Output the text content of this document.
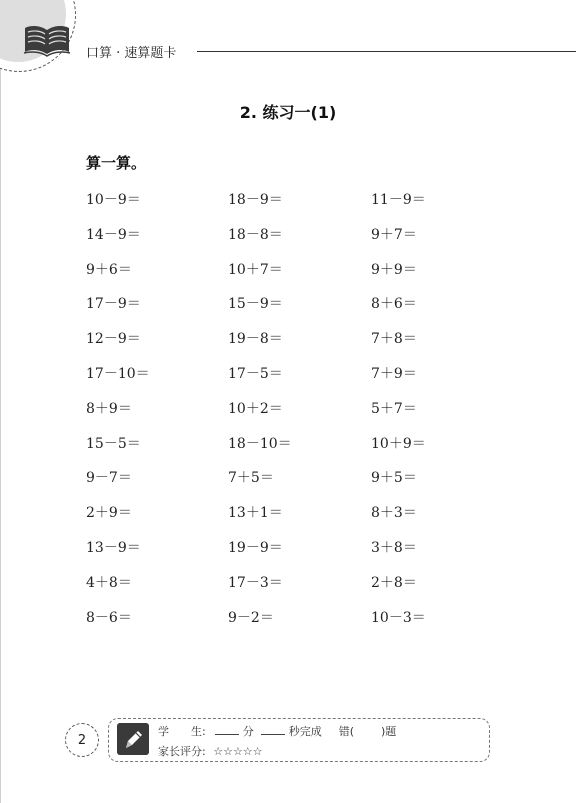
口算 · 速算题卡
2. 练习一(1)
算一算。
10－9＝	18－9＝	11－9＝
14－9＝	18－8＝	9＋7＝
9＋6＝	10＋7＝	9＋9＝
17－9＝	15－9＝	8＋6＝
12－9＝	19－8＝	7＋8＝
17－10＝	17－5＝	7＋9＝
8＋9＝	10＋2＝	5＋7＝
15－5＝	18－10＝	10＋9＝
9－7＝	7＋5＝	9＋5＝
2＋9＝	13＋1＝	8＋3＝
13－9＝	19－9＝	3＋8＝
4＋8＝	17－3＝	2＋8＝
8－6＝	9－2＝	10－3＝
2
学　　生:	分	秒完成 错( )题
家长评分: ☆☆☆☆☆
